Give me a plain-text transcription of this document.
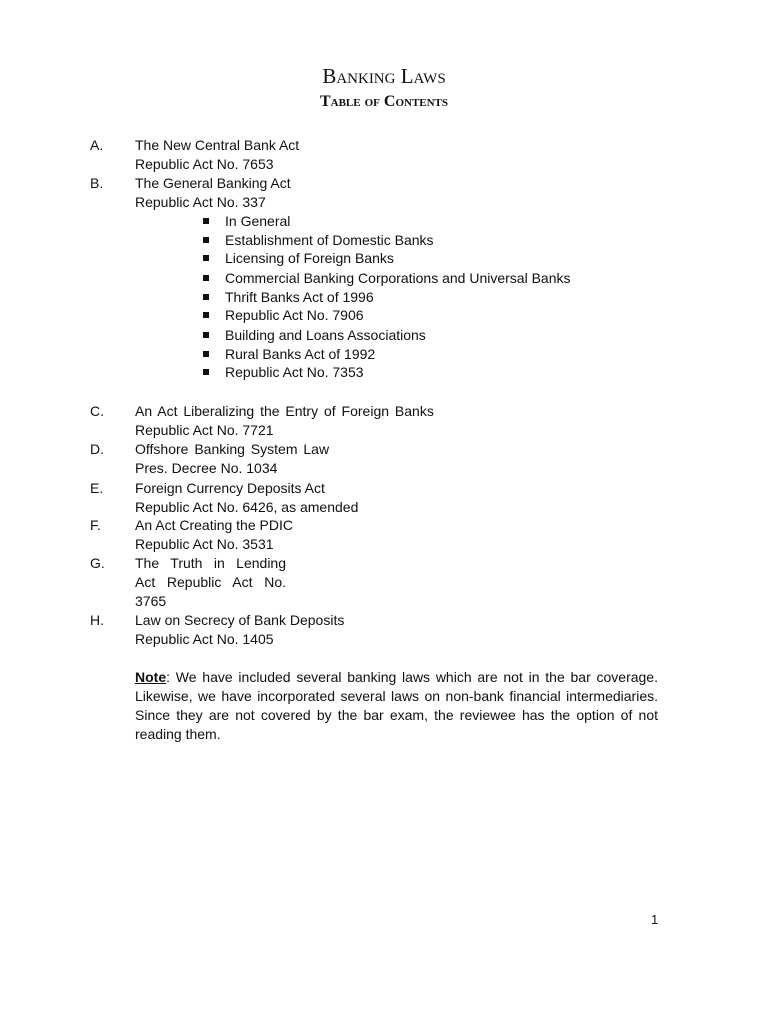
Banking Laws
Table of Contents
A. The New Central Bank Act
Republic Act No. 7653
B. The General Banking Act
Republic Act No. 337
In General
Establishment of Domestic Banks
Licensing of Foreign Banks
Commercial Banking Corporations and Universal Banks
Thrift Banks Act of 1996
Republic Act No. 7906
Building and Loans Associations
Rural Banks Act of 1992
Republic Act No. 7353
C. An Act Liberalizing the Entry of Foreign Banks
Republic Act No. 7721
D. Offshore Banking System Law
Pres. Decree No. 1034
E. Foreign Currency Deposits Act
Republic Act No. 6426, as amended
F. An Act Creating the PDIC
Republic Act No. 3531
G. The Truth in Lending
Act Republic Act No.
3765
H. Law on Secrecy of Bank Deposits
Republic Act No. 1405
Note: We have included several banking laws which are not in the bar coverage. Likewise, we have incorporated several laws on non-bank financial intermediaries. Since they are not covered by the bar exam, the reviewee has the option of not reading them.
1
